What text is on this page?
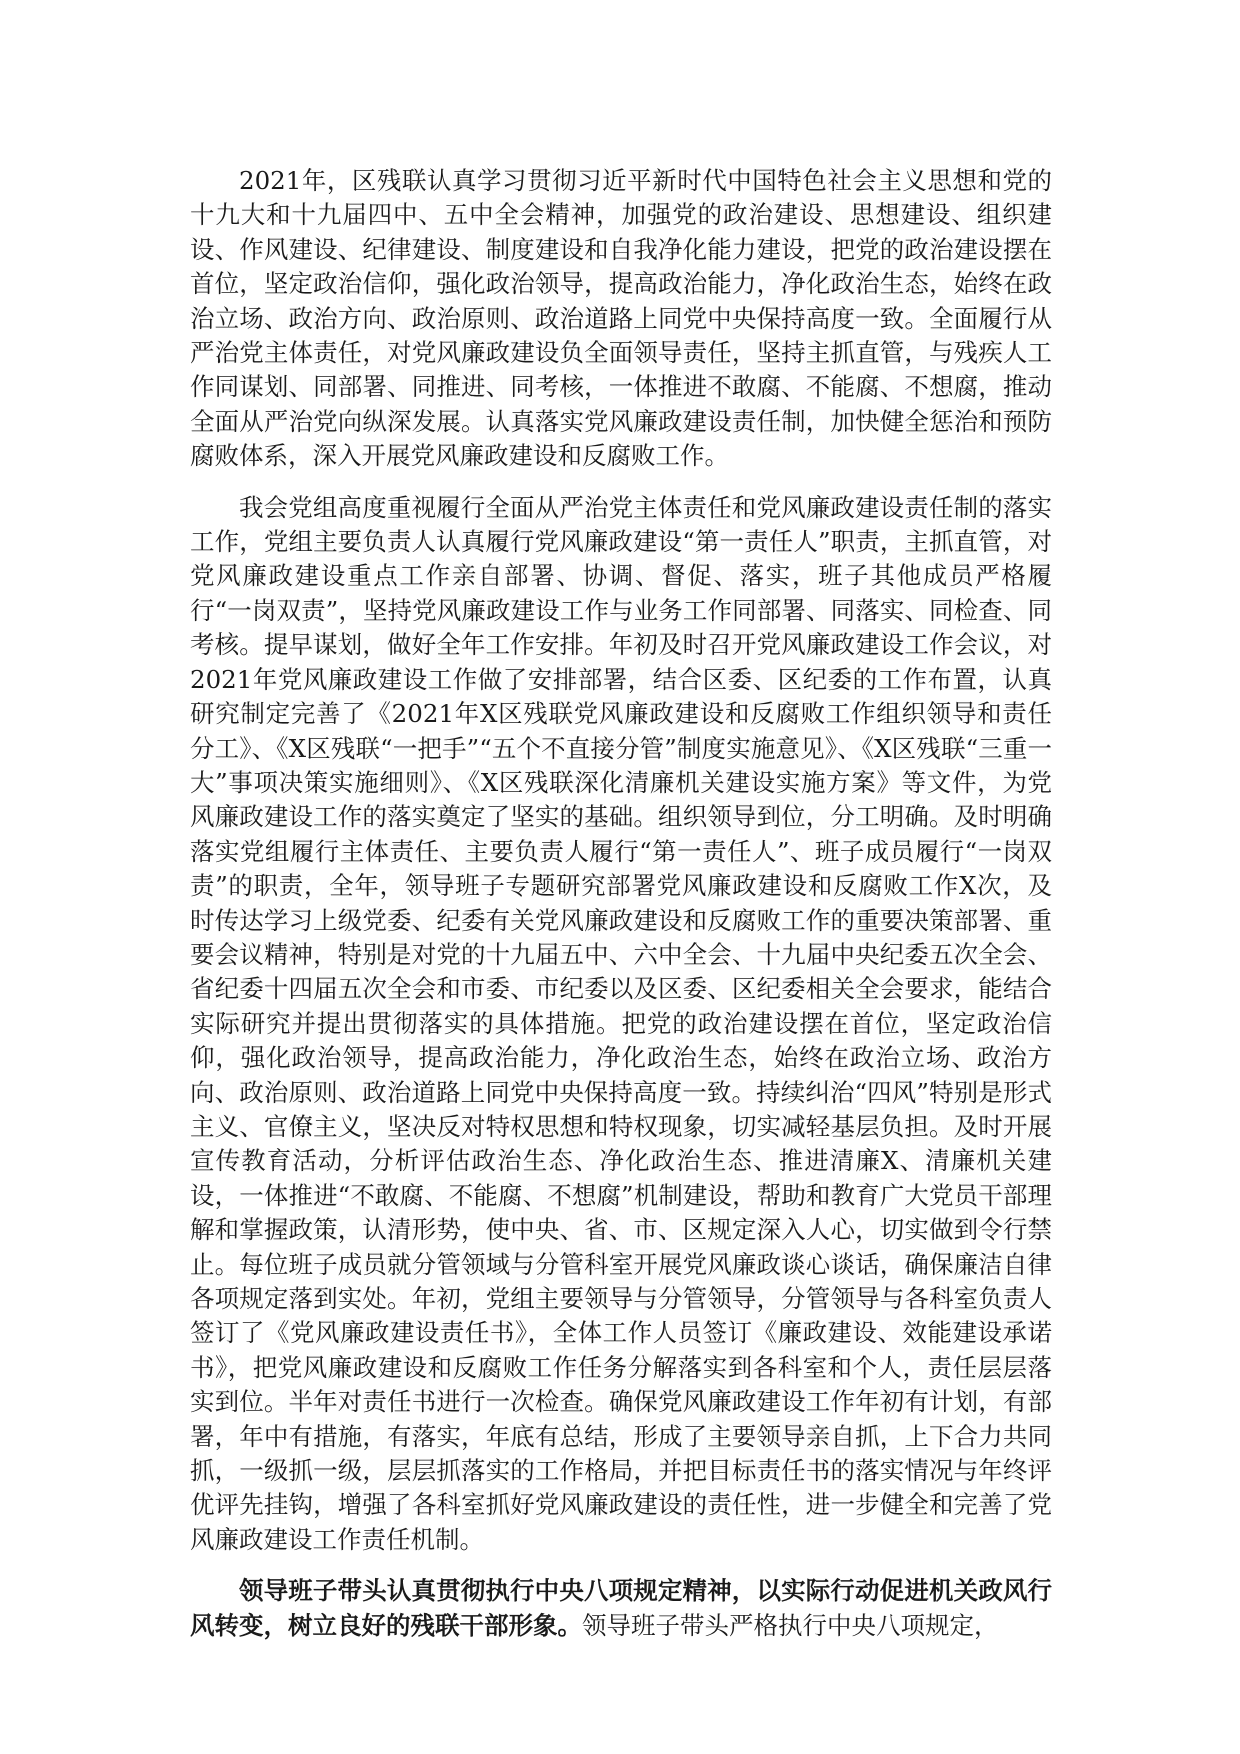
2021年，区残联认真学习贯彻习近平新时代中国特色社会主义思想和党的十九大和十九届四中、五中全会精神，加强党的政治建设、思想建设、组织建设、作风建设、纪律建设、制度建设和自我净化能力建设，把党的政治建设摆在首位，坚定政治信仰，强化政治领导，提高政治能力，净化政治生态，始终在政治立场、政治方向、政治原则、政治道路上同党中央保持高度一致。全面履行从严治党主体责任，对党风廉政建设负全面领导责任，坚持主抓直管，与残疾人工作同谋划、同部署、同推进、同考核，一体推进不敢腐、不能腐、不想腐，推动全面从严治党向纵深发展。认真落实党风廉政建设责任制，加快健全惩治和预防腐败体系，深入开展党风廉政建设和反腐败工作。

我会党组高度重视履行全面从严治党主体责任和党风廉政建设责任制的落实工作，党组主要负责人认真履行党风廉政建设“第一责任人”职责，主抓直管，对党风廉政建设重点工作亲自部署、协调、督促、落实，班子其他成员严格履行“一岗双责”，坚持党风廉政建设工作与业务工作同部署、同落实、同检查、同考核。提早谋划，做好全年工作安排。年初及时召开党风廉政建设工作会议，对2021年党风廉政建设工作做了安排部署，结合区委、区纪委的工作布置，认真研究制定完善了《2021年X区残联党风廉政建设和反腐败工作组织领导和责任分工》、《X区残联“一把手”“五个不直接分管”制度实施意见》、《X区残联“三重一大”事项决策实施细则》、《X区残联深化清廉机关建设实施方案》等文件，为党风廉政建设工作的落实奠定了坚实的基础。组织领导到位，分工明确。及时明确落实党组履行主体责任、主要负责人履行“第一责任人”、班子成员履行“一岗双责”的职责，全年，领导班子专题研究部署党风廉政建设和反腐败工作X次，及时传达学习上级党委、纪委有关党风廉政建设和反腐败工作的重要决策部署、重要会议精神，特别是对党的十九届五中、六中全会、十九届中央纪委五次全会、省纪委十四届五次全会和市委、市纪委以及区委、区纪委相关全会要求，能结合实际研究并提出贯彻落实的具体措施。把党的政治建设摆在首位，坚定政治信仰，强化政治领导，提高政治能力，净化政治生态，始终在政治立场、政治方向、政治原则、政治道路上同党中央保持高度一致。持续纠治“四风”特别是形式主义、官僚主义，坚决反对特权思想和特权现象，切实减轻基层负担。及时开展宣传教育活动，分析评估政治生态、净化政治生态、推进清廉X、清廉机关建设，一体推进“不敢腐、不能腐、不想腐”机制建设，帮助和教育广大党员干部理解和掌握政策，认清形势，使中央、省、市、区规定深入人心，切实做到令行禁止。每位班子成员就分管领域与分管科室开展党风廉政谈心谈话，确保廉洁自律各项规定落到实处。年初，党组主要领导与分管领导，分管领导与各科室负责人签订了《党风廉政建设责任书》，全体工作人员签订《廉政建设、效能建设承诺书》，把党风廉政建设和反腐败工作任务分解落实到各科室和个人，责任层层落实到位。半年对责任书进行一次检查。确保党风廉政建设工作年初有计划，有部署，年中有措施，有落实，年底有总结，形成了主要领导亲自抓，上下合力共同抓，一级抓一级，层层抓落实的工作格局，并把目标责任书的落实情况与年终评优评先挂钩，增强了各科室抓好党风廉政建设的责任性，进一步健全和完善了党风廉政建设工作责任机制。

领导班子带头认真贯彻执行中央八项规定精神，以实际行动促进机关政风行风转变，树立良好的残联干部形象。领导班子带头严格执行中央八项规定，
